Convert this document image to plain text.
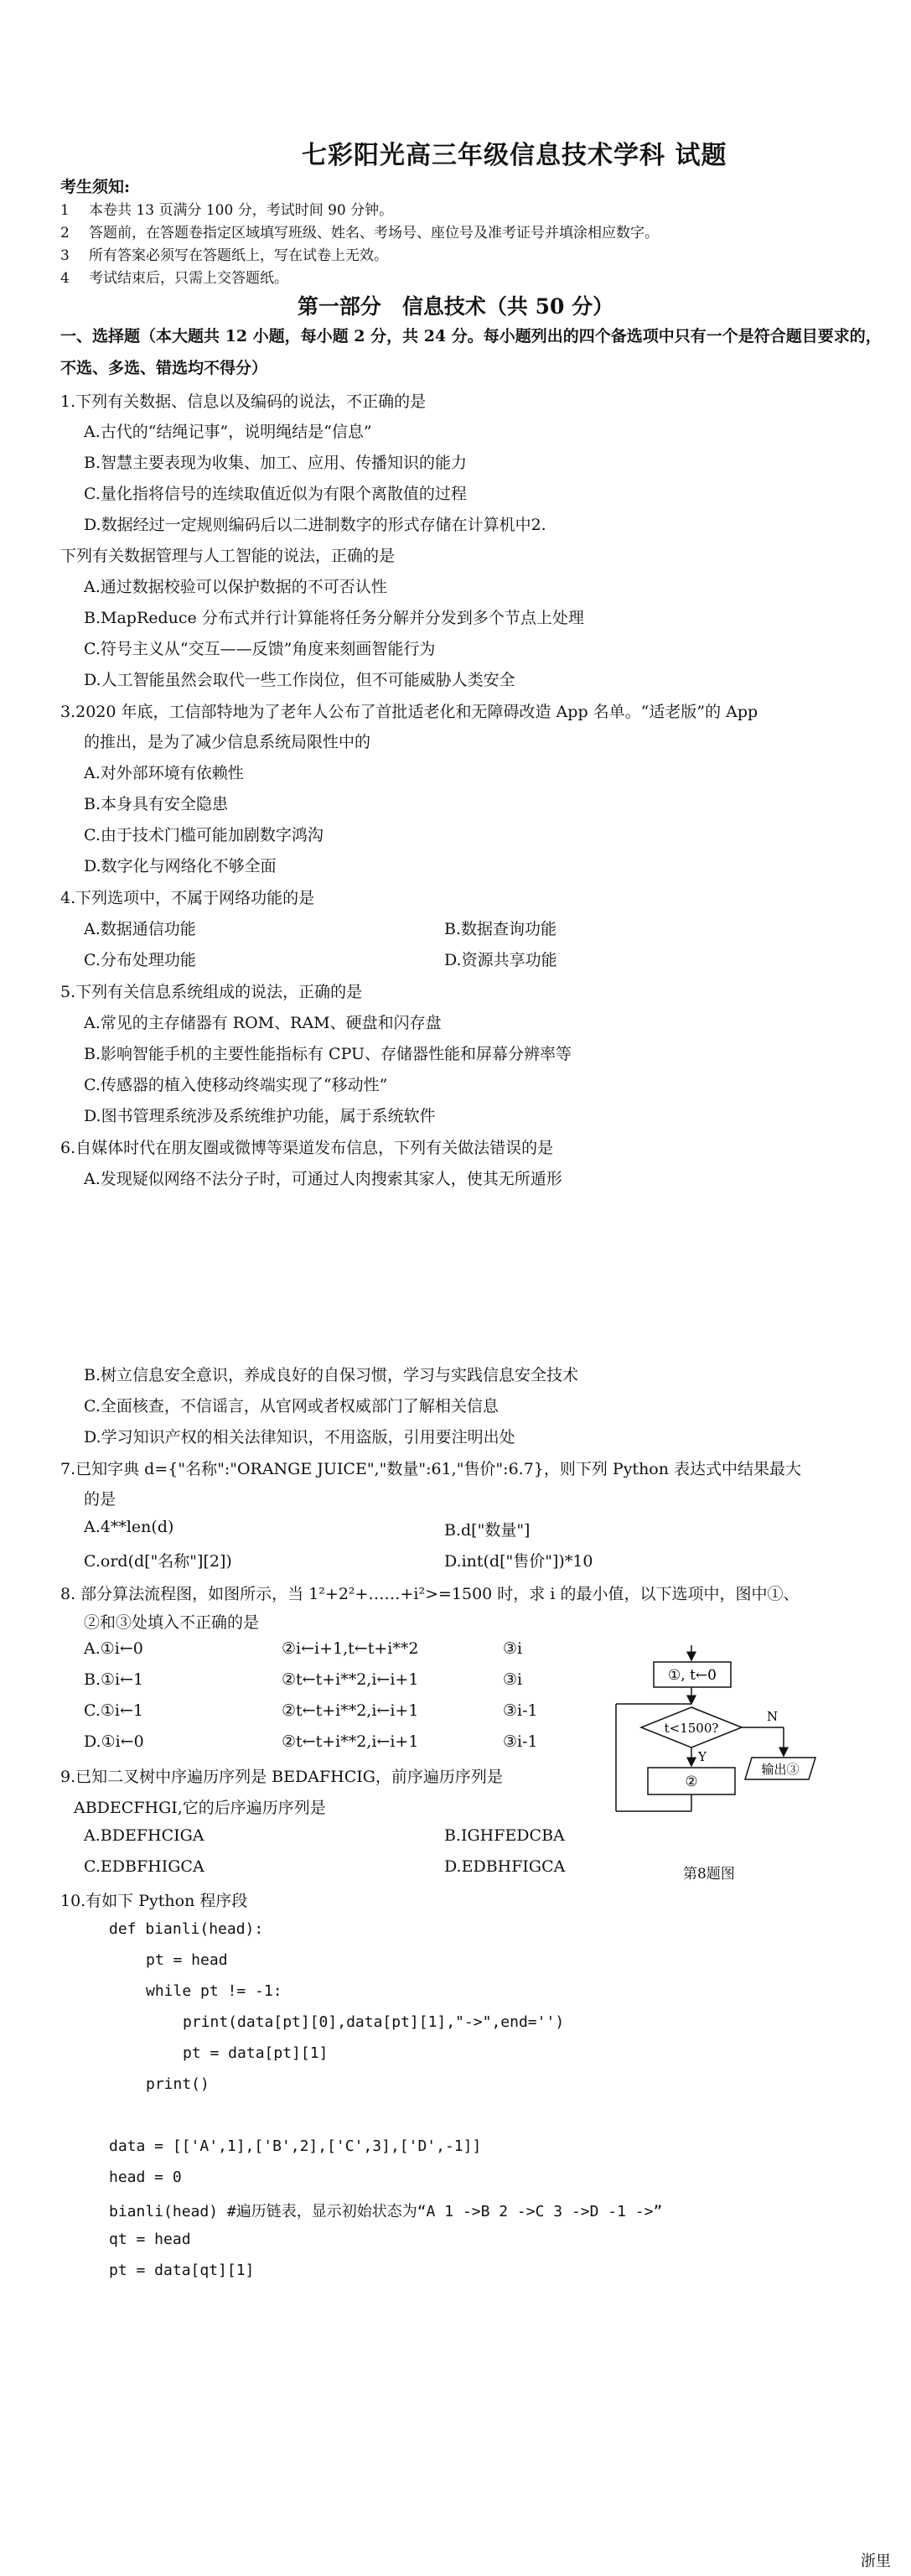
七彩阳光高三年级信息技术学科 试题
考生须知:
1 本卷共 13 页满分 100 分，考试时间 90 分钟。
2 答题前，在答题卷指定区域填写班级、姓名、考场号、座位号及准考证号并填涂相应数字。
3 所有答案必须写在答题纸上，写在试卷上无效。
4 考试结束后，只需上交答题纸。
第一部分　信息技术（共 50 分）
一、选择题（本大题共 12 小题，每小题 2 分，共 24 分。每小题列出的四个备选项中只有一个是符合题目要求的，不选、多选、错选均不得分）
1.下列有关数据、信息以及编码的说法，不正确的是
A.古代的“结绳记事”，说明绳结是“信息”
B.智慧主要表现为收集、加工、应用、传播知识的能力
C.量化指将信号的连续取值近似为有限个离散值的过程
D.数据经过一定规则编码后以二进制数字的形式存储在计算机中2.
下列有关数据管理与人工智能的说法，正确的是
A.通过数据校验可以保护数据的不可否认性
B.MapReduce 分布式并行计算能将任务分解并分发到多个节点上处理
C.符号主义从“交互——反馈”角度来刻画智能行为
D.人工智能虽然会取代一些工作岗位，但不可能威胁人类安全
3.2020 年底，工信部特地为了老年人公布了首批适老化和无障碍改造 App 名单。“适老版”的 App
的推出，是为了减少信息系统局限性中的
A.对外部环境有依赖性
B.本身具有安全隐患
C.由于技术门槛可能加剧数字鸿沟
D.数字化与网络化不够全面
4.下列选项中，不属于网络功能的是
A.数据通信功能	B.数据查询功能
C.分布处理功能	D.资源共享功能
5.下列有关信息系统组成的说法，正确的是
A.常见的主存储器有 ROM、RAM、硬盘和闪存盘
B.影响智能手机的主要性能指标有 CPU、存储器性能和屏幕分辨率等
C.传感器的植入使移动终端实现了“移动性”
D.图书管理系统涉及系统维护功能，属于系统软件
6.自媒体时代在朋友圈或微博等渠道发布信息，下列有关做法错误的是
A.发现疑似网络不法分子时，可通过人肉搜索其家人，使其无所遁形
B.树立信息安全意识，养成良好的自保习惯，学习与实践信息安全技术
C.全面核查，不信谣言，从官网或者权威部门了解相关信息
D.学习知识产权的相关法律知识，不用盗版，引用要注明出处
7.已知字典 d={"名称":"ORANGE JUICE","数量":61,"售价":6.7}，则下列 Python 表达式中结果最大
的是
A.4**len(d)	B.d["数量"]
C.ord(d["名称"][2])	D.int(d["售价"])*10
8. 部分算法流程图，如图所示，当 1²+2²+……+i²>=1500 时，求 i 的最小值，以下选项中，图中①、
②和③处填入不正确的是
A.①i←0	②i←i+1,t←t+i**2	③i
B.①i←1	②t←t+i**2,i←i+1	③i
C.①i←1	②t←t+i**2,i←i+1	③i-1
D.①i←0	②t←t+i**2,i←i+1	③i-1
①, t←0
t<1500?
N
输出③
Y
②
第8题图
9.已知二叉树中序遍历序列是 BEDAFHCIG，前序遍历序列是
ABDECFHGI,它的后序遍历序列是
A.BDEFHCIGA	B.IGHFEDCBA
C.EDBFHIGCA	D.EDBHFIGCA
10.有如下 Python 程序段
def bianli(head):
pt = head
while pt != -1:
print(data[pt][0],data[pt][1],"->",end='')
pt = data[pt][1]
print()
data = [['A',1],['B',2],['C',3],['D',-1]]
head = 0
bianli(head) #遍历链表，显示初始状态为“A 1 ->B 2 ->C 3 ->D -1 ->”
qt = head
pt = data[qt][1]
浙里
